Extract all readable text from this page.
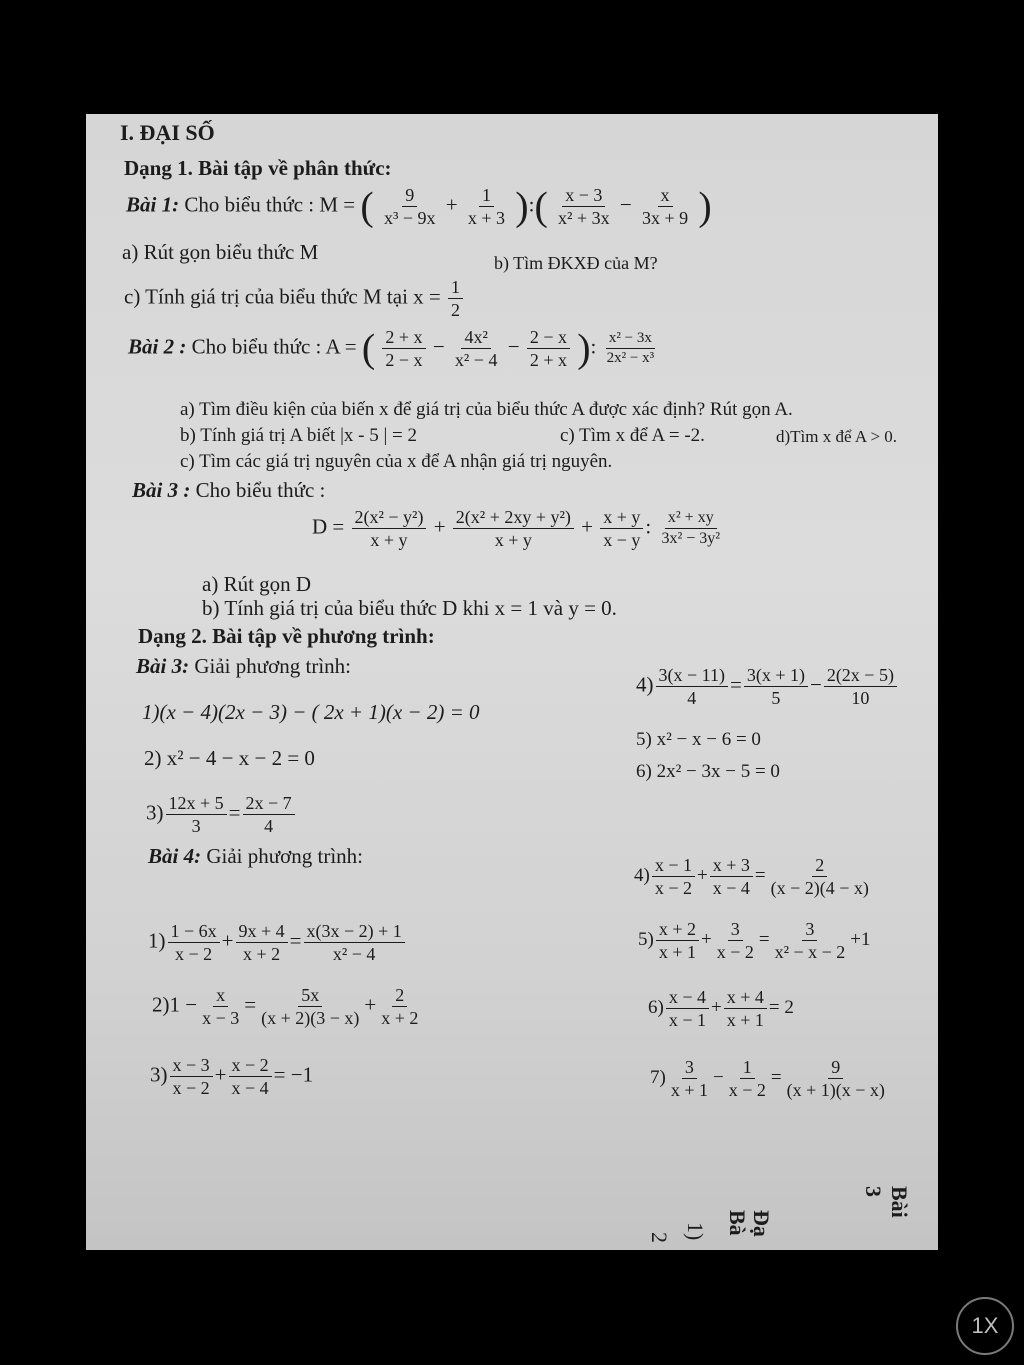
I. ĐẠI SỐ
Dạng 1. Bài tập về phân thức:
Bài 1: Cho biểu thức : M = ( $\frac{9}{\text{x³ − 9x}} + \frac{1}{x + 3}$ ):( $\frac{x - 3}{\text{x² + 3x}} - \frac{x}{3x + 9}$ )
a) Rút gọn biểu thức M	b) Tìm ĐKXĐ của M?
c) Tính giá trị của biểu thức M tại $x = \frac{1}{2}$
Bài 2 : Cho biểu thức : A = ( $\frac{2 + x}{2 - x} - \frac{\text{4x²}}{\text{x² − 4}} - \frac{2 - x}{2 + x}$ ): $\frac{\text{x² − 3x}}{\text{2x² − x³}}$
a) Tìm điều kiện của biến x để giá trị của biểu thức A được xác định? Rút gọn A.
b) Tính giá trị A biết |x - 5 | = 2	c) Tìm x để A = -2.	d)Tìm x để A > 0.
c) Tìm các giá trị nguyên của x để A nhận giá trị nguyên.
Bài 3 : Cho biểu thức :
$D = \frac{\text{2(x² − y²)}}{x + y} + \frac{\text{2(x² + 2xy + y²)}}{x + y} + \frac{x + y}{x - y}$ : $\frac{\text{x² + xy}}{\text{3x² − 3y²}}$
a) Rút gọn D
b) Tính giá trị của biểu thức D khi x = 1 và y = 0.
Dạng 2. Bài tập về phương trình:
Bài 3: Giải phương trình:
$4) \frac{3(x - 11)}{4} = \frac{3(x + 1)}{5} - \frac{2(2x - 5)}{10}$
1)(x − 4)(2x − 3) − ( 2x + 1)(x − 2) = 0
5) x² − x − 6 = 0
2) x² − 4 − x − 2 = 0
6) 2x² − 3x − 5 = 0
$3) \frac{12x + 5}{3} = \frac{2x - 7}{4}$
Bài 4: Giải phương trình:
$4) \frac{x - 1}{x - 2} + \frac{x + 3}{x - 4} = \frac{2}{(x - 2)(4 - x)}$
$1) \frac{1 - 6x}{x - 2} + \frac{9x + 4}{x + 2} = \frac{x(3x - 2) + 1}{\text{x² − 4}}$	$5) \frac{x + 2}{x + 1} + \frac{3}{x - 2} = \frac{3}{\text{x² − x − 2}} +1$
$2)1 - \frac{x}{x - 3} = \frac{5x}{(x + 2)(3 - x)} + \frac{2}{x + 2}$	$6) \frac{x - 4}{x - 1} + \frac{x + 4}{x + 1} = 2$
$3) \frac{x - 3}{x - 2} + \frac{x - 2}{x - 4} = -1$	$7) \frac{3}{x + 1} - \frac{1}{x - 2} = \frac{9}{(x + 1)(x - x)}$
Bài 3
Đạ
Bà
1)
2
1X
